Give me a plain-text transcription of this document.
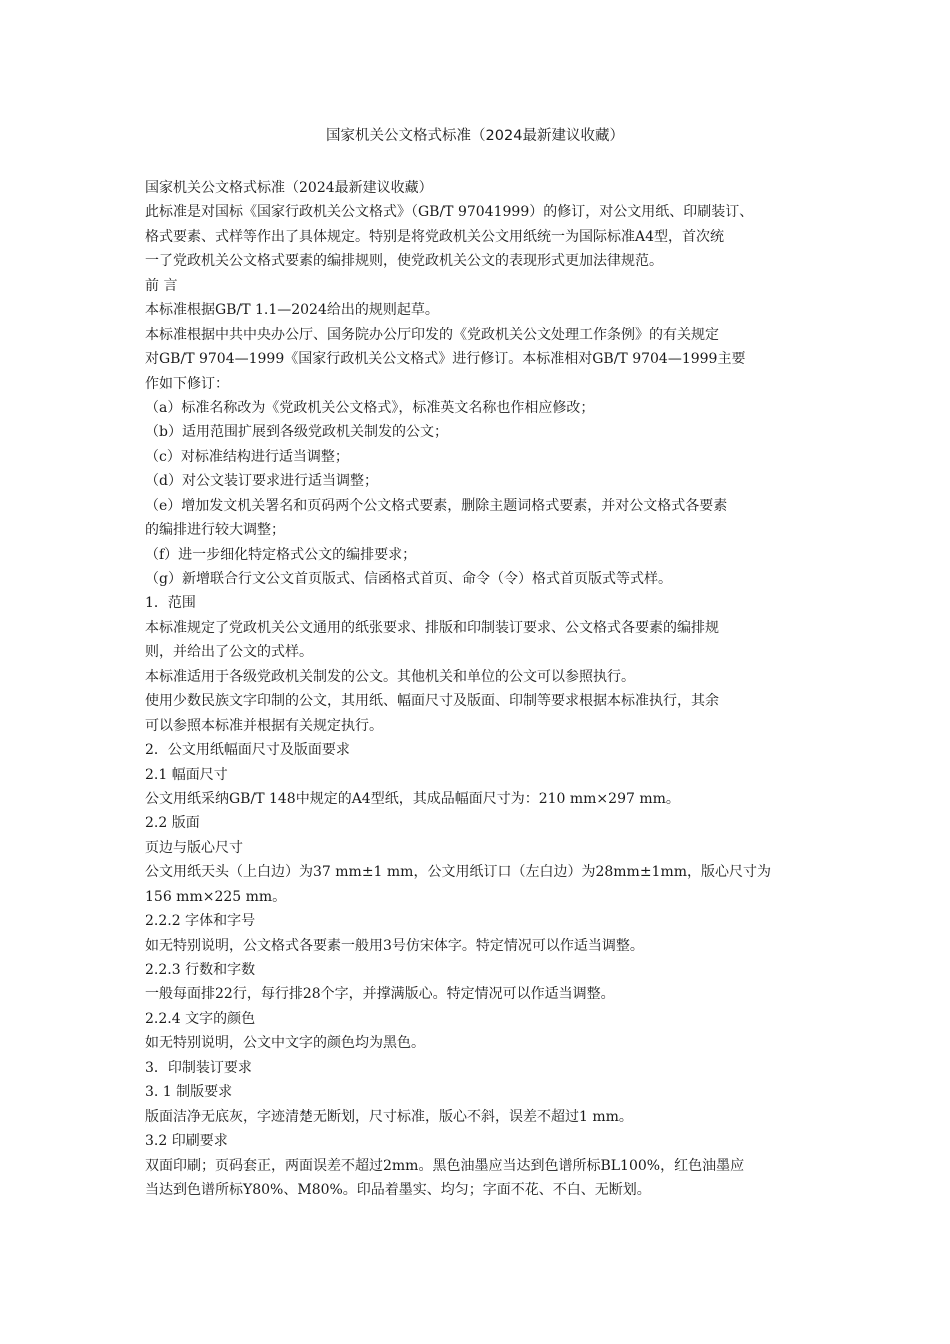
国家机关公文格式标准（2024最新建议收藏）
国家机关公文格式标准（2024最新建议收藏）
此标准是对国标《国家行政机关公文格式》（GB/T 97041999）的修订，对公文用纸、印刷装订、
格式要素、式样等作出了具体规定。特别是将党政机关公文用纸统一为国际标准A4型，首次统
一了党政机关公文格式要素的编排规则，使党政机关公文的表现形式更加法律规范。
前 言
本标准根据GB/T 1.1—2024给出的规则起草。
本标准根据中共中央办公厅、国务院办公厅印发的《党政机关公文处理工作条例》的有关规定
对GB/T 9704—1999《国家行政机关公文格式》进行修订。本标准相对GB/T 9704—1999主要
作如下修订：
（a）标准名称改为《党政机关公文格式》，标准英文名称也作相应修改；
（b）适用范围扩展到各级党政机关制发的公文；
（c）对标准结构进行适当调整；
（d）对公文装订要求进行适当调整；
（e）增加发文机关署名和页码两个公文格式要素，删除主题词格式要素，并对公文格式各要素
的编排进行较大调整；
（f）进一步细化特定格式公文的编排要求；
（g）新增联合行文公文首页版式、信函格式首页、命令（令）格式首页版式等式样。
1．范围
本标准规定了党政机关公文通用的纸张要求、排版和印制装订要求、公文格式各要素的编排规
则，并给出了公文的式样。
本标准适用于各级党政机关制发的公文。其他机关和单位的公文可以参照执行。
使用少数民族文字印制的公文，其用纸、幅面尺寸及版面、印制等要求根据本标准执行，其余
可以参照本标准并根据有关规定执行。
2．公文用纸幅面尺寸及版面要求
2.1 幅面尺寸
公文用纸采纳GB/T 148中规定的A4型纸，其成品幅面尺寸为：210 mm×297 mm。
2.2 版面
页边与版心尺寸
公文用纸天头（上白边）为37 mm±1 mm，公文用纸订口（左白边）为28mm±1mm，版心尺寸为
156 mm×225 mm。
2.2.2 字体和字号
如无特别说明，公文格式各要素一般用3号仿宋体字。特定情况可以作适当调整。
2.2.3 行数和字数
一般每面排22行，每行排28个字，并撑满版心。特定情况可以作适当调整。
2.2.4 文字的颜色
如无特别说明，公文中文字的颜色均为黑色。
3．印制装订要求
3. 1 制版要求
版面洁净无底灰，字迹清楚无断划，尺寸标准，版心不斜，误差不超过1 mm。
3.2 印刷要求
双面印刷；页码套正，两面误差不超过2mm。黑色油墨应当达到色谱所标BL100%，红色油墨应
当达到色谱所标Y80%、M80%。印品着墨实、均匀；字面不花、不白、无断划。
